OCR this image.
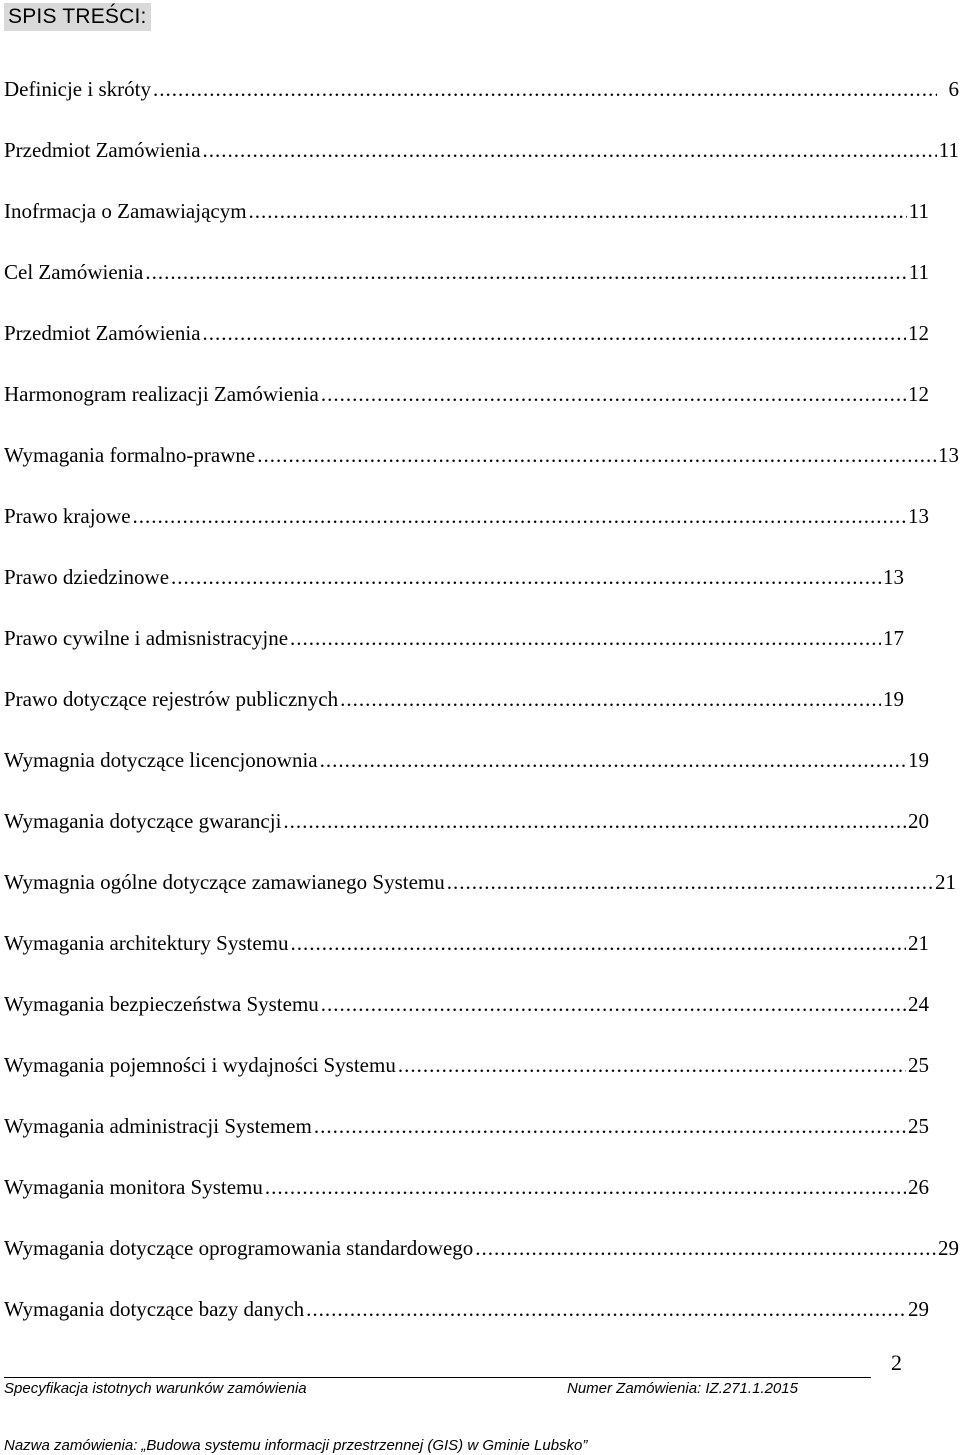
SPIS TREŚCI:
Definicje i skróty .....	6
Przedmiot Zamówienia .....	11
Inofrmacja o Zamawiającym .....	11
Cel Zamówienia .....	11
Przedmiot Zamówienia .....	12
Harmonogram realizacji Zamówienia .....	12
Wymagania formalno-prawne .....	13
Prawo krajowe .....	13
Prawo dziedzinowe .....	13
Prawo cywilne i admisnistracyjne .....	17
Prawo dotyczące rejestrów publicznych .....	19
Wymagnia dotyczące licencjonownia .....	19
Wymagania dotyczące gwarancji .....	20
Wymagnia ogólne dotyczące zamawianego Systemu .....	21
Wymagania architektury Systemu .....	21
Wymagania bezpieczeństwa Systemu .....	24
Wymagania pojemności i wydajności Systemu .....	25
Wymagania administracji Systemem .....	25
Wymagania monitora Systemu .....	26
Wymagania dotyczące oprogramowania standardowego .....	29
Wymagania dotyczące bazy danych .....	29
2
Specyfikacja istotnych warunków zamówienia	Numer Zamówienia: IZ.271.1.2015
Nazwa zamówienia: „Budowa systemu informacji przestrzennej (GIS) w Gminie Lubsko”
